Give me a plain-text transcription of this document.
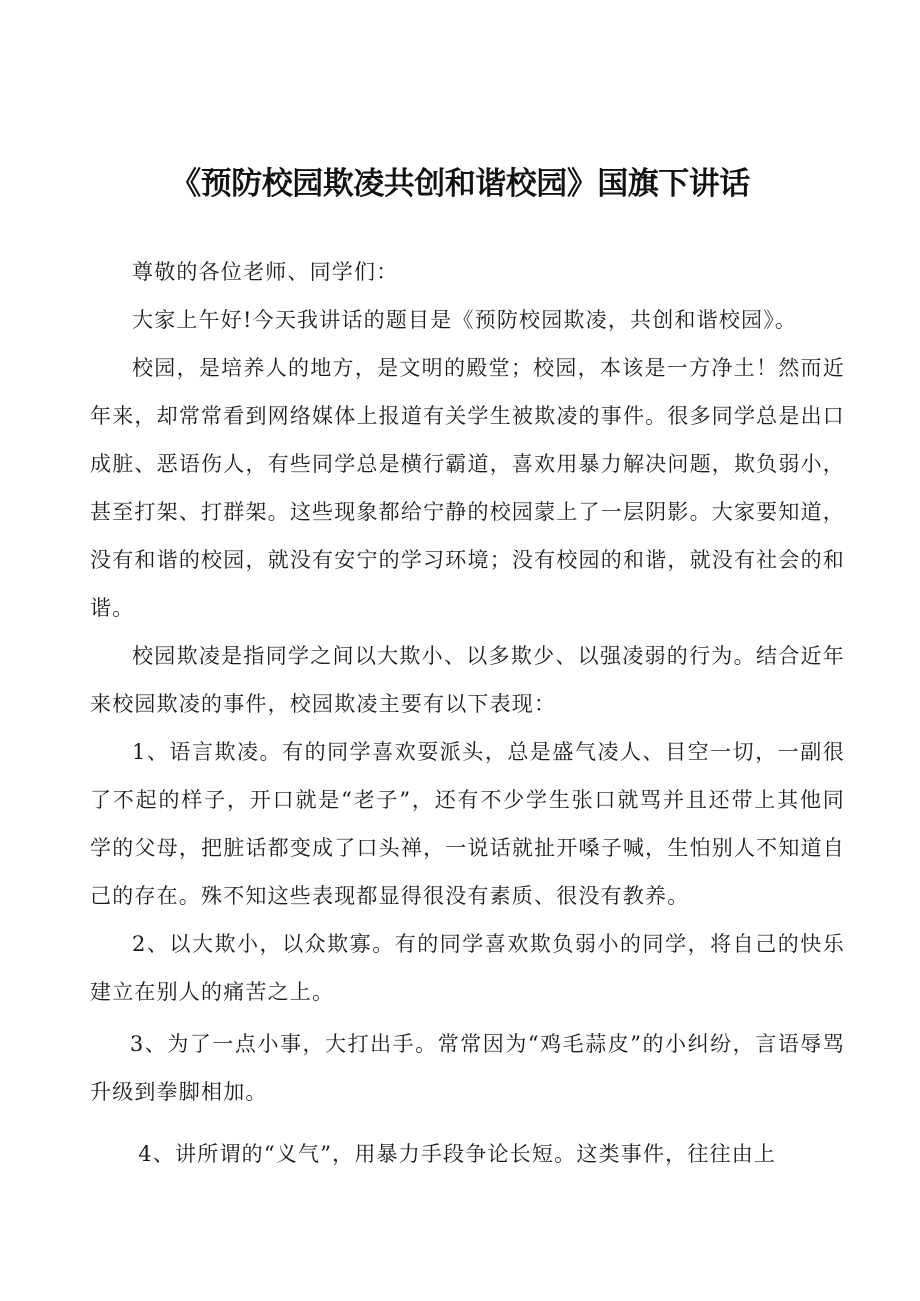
《预防校园欺凌共创和谐校园》国旗下讲话

尊敬的各位老师、同学们：

大家上午好!今天我讲话的题目是《预防校园欺凌，共创和谐校园》。

校园，是培养人的地方，是文明的殿堂；校园，本该是一方净土！然而近年来，却常常看到网络媒体上报道有关学生被欺凌的事件。很多同学总是出口成脏、恶语伤人，有些同学总是横行霸道，喜欢用暴力解决问题，欺负弱小，甚至打架、打群架。这些现象都给宁静的校园蒙上了一层阴影。大家要知道，没有和谐的校园，就没有安宁的学习环境；没有校园的和谐，就没有社会的和谐。

校园欺凌是指同学之间以大欺小、以多欺少、以强凌弱的行为。结合近年来校园欺凌的事件，校园欺凌主要有以下表现：

1、语言欺凌。有的同学喜欢耍派头，总是盛气凌人、目空一切，一副很了不起的样子，开口就是“老子”，还有不少学生张口就骂并且还带上其他同学的父母，把脏话都变成了口头禅，一说话就扯开嗓子喊，生怕别人不知道自己的存在。殊不知这些表现都显得很没有素质、很没有教养。

2、以大欺小，以众欺寡。有的同学喜欢欺负弱小的同学，将自己的快乐建立在别人的痛苦之上。

3、为了一点小事，大打出手。常常因为“鸡毛蒜皮”的小纠纷，言语辱骂升级到拳脚相加。

4、讲所谓的“义气”，用暴力手段争论长短。这类事件，往往由上
